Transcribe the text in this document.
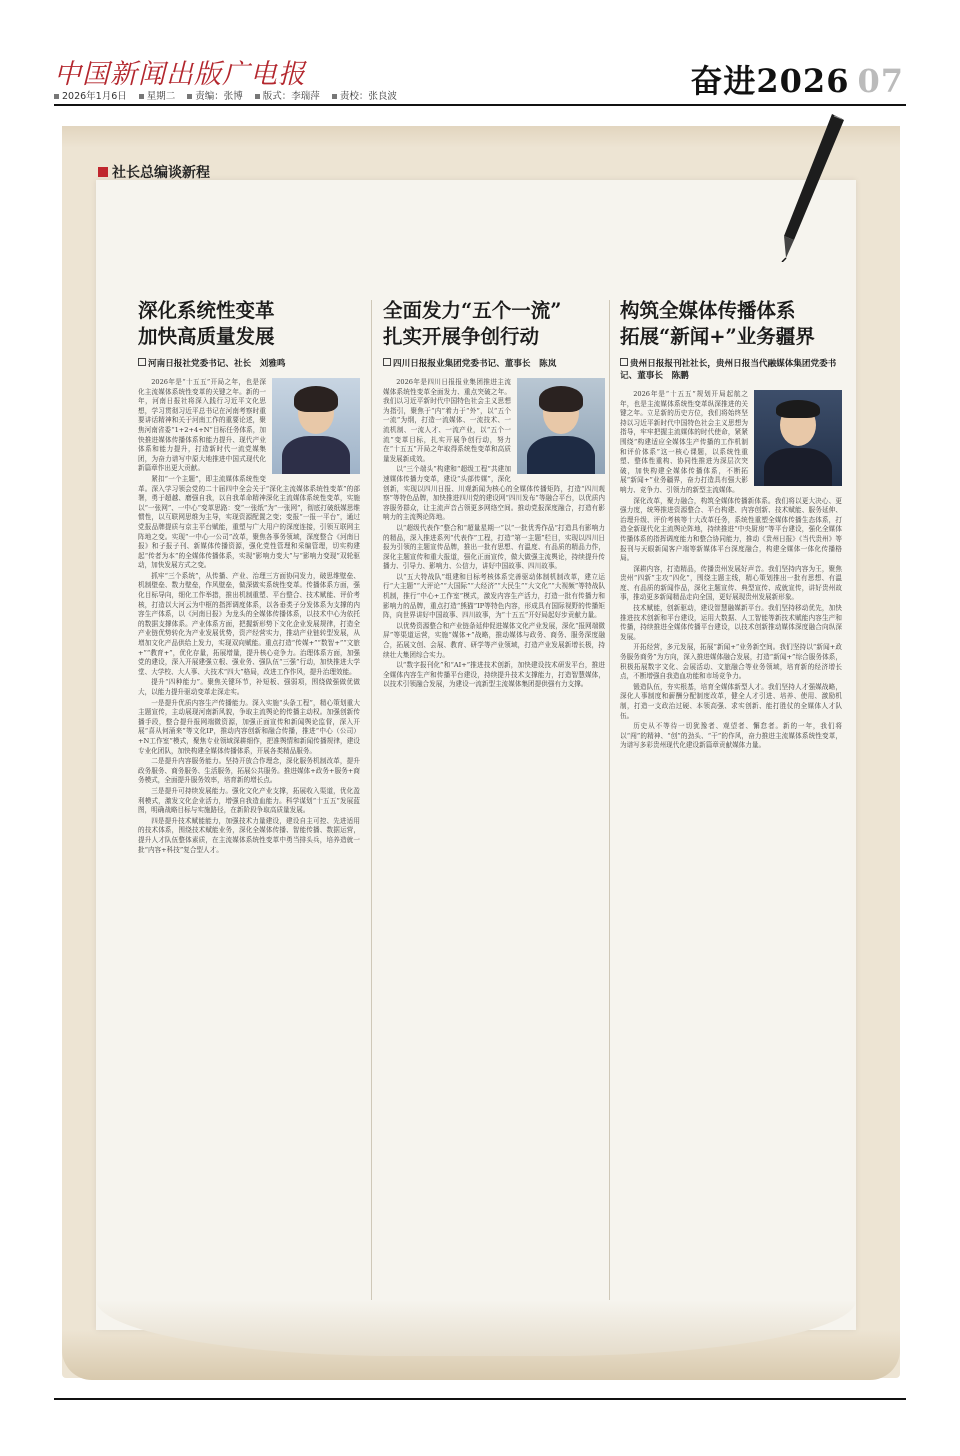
中国新闻出版广电报
2026年1月6日	星期二	责编：张博	版式：李瑞萍	责校：张良波	奋进2026 07
社长总编谈新程
深化系统性变革
加快高质量发展
河南日报社党委书记、社长　刘雅鸣

2026年是“十五五”开局之年，也是深化主流媒体系统性变革的关键之年。新的一年，河南日报社将深入践行习近平文化思想，学习贯彻习近平总书记在河南考察时重要讲话精神和关于河南工作的重要论述，聚焦河南省委“1+2+4+N”目标任务体系，加快推进媒体传播体系和能力提升、现代产业体系和能力提升，打造新时代一流党媒集团，为奋力谱写中原大地推进中国式现代化新篇章作出更大贡献。

紧扣“一个主题”，即主流媒体系统性变革。深入学习领会党的二十届四中全会关于“深化主流媒体系统性变革”的部署，勇于超越、磨强自我，以自我革命精神深化主流媒体系统性变革，实施以“一张网”、一中心“变革思路：变“一张纸”为“一张网”，彻底打破纸媒思维惯性，以互联网思维为主导，实现资源配置之变；变报“一报一平台”，通过党报品牌提质与京主平台赋能，重塑与广大用户的深度连接，引领互联网主阵地之变。实现“一中心一公司”改革，聚焦各事务领域，深度整合《河南日报》和子报子刊、新媒体传播资源，强化党性管理和采编管理，切实构建起“传者为本”的全媒体传播体系，实现“影响力变大”与“影响力变现”双轮驱动，加快发展方式之变。

抓牢“三个系统”，从传播、产业、治理三方面协同发力，破思维壁垒、机制壁垒、数力壁垒，作风壁垒，做深做实系统性变革。传播体系方面，强化目标导向，细化工作举措，推出机制重塑、平台整合、技术赋能、评价考核，打造以大河云为中枢的指挥调度体系，以各垂类子分发体系为支撑的内容生产体系，以《河南日报》为龙头的全媒体传播体系，以技术中心为依托的数据支撑体系。产业体系方面，把握新形势下文化企业发展规律，打造全产业链优势转化为产业发展优势，资产经营实力，推动产业链转型发展，从增加文化产品供给上发力，实现双向赋能。重点打造“传媒+”“数智+”“文旅+”“教育+”，优化存量，拓展增量，提升核心竞争力。治理体系方面，加强党的建设，深入开展建强立根、强业务、强队伍“三强”行动，加快推进大学堂、大学校、大人事、大技术“四大”格局，改进工作作风，提升治理效能。

提升“四种能力”。聚焦关键环节，补短板、强弱项，围绕做强做优做大，以能力提升驱动变革走深走实。

一是提升优质内容生产传播能力。深入实施“头条工程”，精心策划重大主题宣传，主动展现河南新风貌，争取主流舆论的传播主动权。加强创新传播手段，整合提升报网端微资源，加强正面宣传和新闻舆论监督，深入开展“喜从何涌来”等文化IP，推动内容创新和融合传播，推进“中心（公司）+N工作室”模式，聚焦专业领域深耕细作，把准舆情和新闻传播规律，建设专业化团队，加快构建全媒体传播体系，开展各类精品服务。

二是提升内容服务能力。坚持开放合作理念，深化服务机制改革，提升政务服务、商务服务、生活服务，拓展公共服务。推进媒体+政务+服务+商务模式，全面提升服务效率，培育新的增长点。

三是提升可持续发展能力。强化文化产业支撑，拓展收入渠道，优化盈利模式，激发文化企业活力，增强自我造血能力。科学谋划“十五五”发展蓝图，明确战略目标与实施路径，在新阶段争取高质量发展。

四是提升技术赋能能力，加强技术力量建设，建设自主可控、先进适用的技术体系，围绕技术赋能业务，深化全媒体传播、智能传播、数据运营，提升人才队伍整体素质，在主流媒体系统性变革中勇当排头兵，培养造就一批“内容+科技”复合型人才。

全面发力“五个一流”
扎实开展争创行动
四川日报报业集团党委书记、董事长　陈岚

2026年是四川日报报业集团推进主流媒体系统性变革全面发力、重点突破之年。我们以习近平新时代中国特色社会主义思想为指引，聚焦于“内”着力于“外”，以“五个一流”为纲，打造一流媒体、一流技术、一流机制、一流人才、一流产业，以“五个一流”变革目标，扎实开展争创行动，努力在“十五五”开局之年取得系统性变革和高质量发展新成效。

以“三个端头”构建和“超级工程”共建加速媒体传播力变革，建设“头部传媒”，深化创新，实现以四川日报、川观新闻为核心的全媒体传播矩阵，打造“四川观察”等特色品牌，加快推进四川党的建设网“四川发布”等融合平台，以优质内容服务群众，让主流声音占领更多网络空间。推动党报深度融合，打造有影响力的主流舆论阵地。

以“超级代表作”整合和“超量星期一”以“一批优秀作品”打造具有影响力的精品，深入推进系列“代表作”工程，打造“第一主题”栏目，实现以四川日报为引领的主题宣传品牌，推出一批有思想、有温度、有品质的精品力作，深化主题宣传和重大报道，强化正面宣传，做大做强主流舆论，持续提升传播力、引导力、影响力、公信力，讲好中国故事、四川故事。

以“五大特战队”组建和目标考核体系完善驱动体制机制改革，建立运行“大主题”“大评论”“大国际”“大经济”“大民生”“大文化”“大视频”等特战队机制，推行“中心+工作室”模式，激发内容生产活力，打造一批有传播力和影响力的品牌，重点打造“熊猫”IP等特色内容，形成具有国际视野的传播矩阵，向世界讲好中国故事、四川故事，为“十五五”开好局起好步贡献力量。

以优势资源整合和产业链条延伸促进媒体文化产业发展，深化“报网端微屏”等渠道运营，实施“媒体+”战略，推动媒体与政务、商务、服务深度融合，拓展文创、会展、教育、研学等产业领域，打造产业发展新增长极，持续壮大集团综合实力。

以“数字报刊化”和“AI+”推进技术创新，加快建设技术研发平台，推进全媒体内容生产和传播平台建设，持续提升技术支撑能力，打造智慧媒体，以技术引领融合发展，为建设一流新型主流媒体集团提供强有力支撑。

构筑全媒体传播体系
拓展“新闻+”业务疆界
贵州日报报刊社社长，贵州日报当代融媒体集团党委书记、董事长　陈鹏

2026年是“十五五”规划开局起航之年，也是主流媒体系统性变革纵深推进的关键之年。立足新的历史方位，我们将始终坚持以习近平新时代中国特色社会主义思想为指导，牢牢把握主流媒体的时代使命，紧紧围绕“构建适应全媒体生产传播的工作机制和评价体系”这一核心课题，以系统性重塑、整体性重构、协同性推进为深层次突破，加快构建全媒体传播体系，不断拓展“新闻+”业务疆界，奋力打造具有强大影响力、竞争力、引领力的新型主流媒体。

深化改革，聚力融合，构筑全媒体传播新体系。我们将以更大决心、更强力度，统筹推进资源整合、平台构建、内容创新、技术赋能、服务延伸、治理升级、评价考核等十大改革任务，系统性重塑全媒体传播生态体系，打造全新现代化主流舆论阵地，持续推进“中央厨房”等平台建设，强化全媒体传播体系的指挥调度能力和整合协同能力，推动《贵州日报》《当代贵州》等报刊与天眼新闻客户端等新媒体平台深度融合，构建全媒体一体化传播格局。

深耕内容，打造精品，传播贵州发展好声音。我们坚持内容为王，聚焦贵州“四新”主攻“四化”，围绕主题主线，精心策划推出一批有思想、有温度、有品质的新闻作品，深化主题宣传、典型宣传、成就宣传，讲好贵州故事，推动更多新闻精品走向全国，更好展现贵州发展新形象。

技术赋能，创新驱动，建设智慧融媒新平台。我们坚持移动优先，加快推进技术创新和平台建设，运用大数据、人工智能等新技术赋能内容生产和传播，持续推进全媒体传播平台建设，以技术创新推动媒体深度融合向纵深发展。

开拓经营，多元发展，拓展“新闻+”业务新空间。我们坚持以“新闻+政务服务商务”为方向，深入推进媒体融合发展，打造“新闻+”综合服务体系，积极拓展数字文化、会展活动、文旅融合等业务领域，培育新的经济增长点，不断增强自我造血功能和市场竞争力。

锻造队伍，夯实根基，培育全媒体新型人才。我们坚持人才强媒战略，深化人事制度和薪酬分配制度改革，健全人才引进、培养、使用、激励机制，打造一支政治过硬、本领高强、求实创新、能打胜仗的全媒体人才队伍。

历史从不等待一切犹豫者、观望者、懈怠者。新的一年，我们将以“闯”的精神、“创”的劲头、“干”的作风，奋力推进主流媒体系统性变革，为谱写多彩贵州现代化建设新篇章贡献媒体力量。
